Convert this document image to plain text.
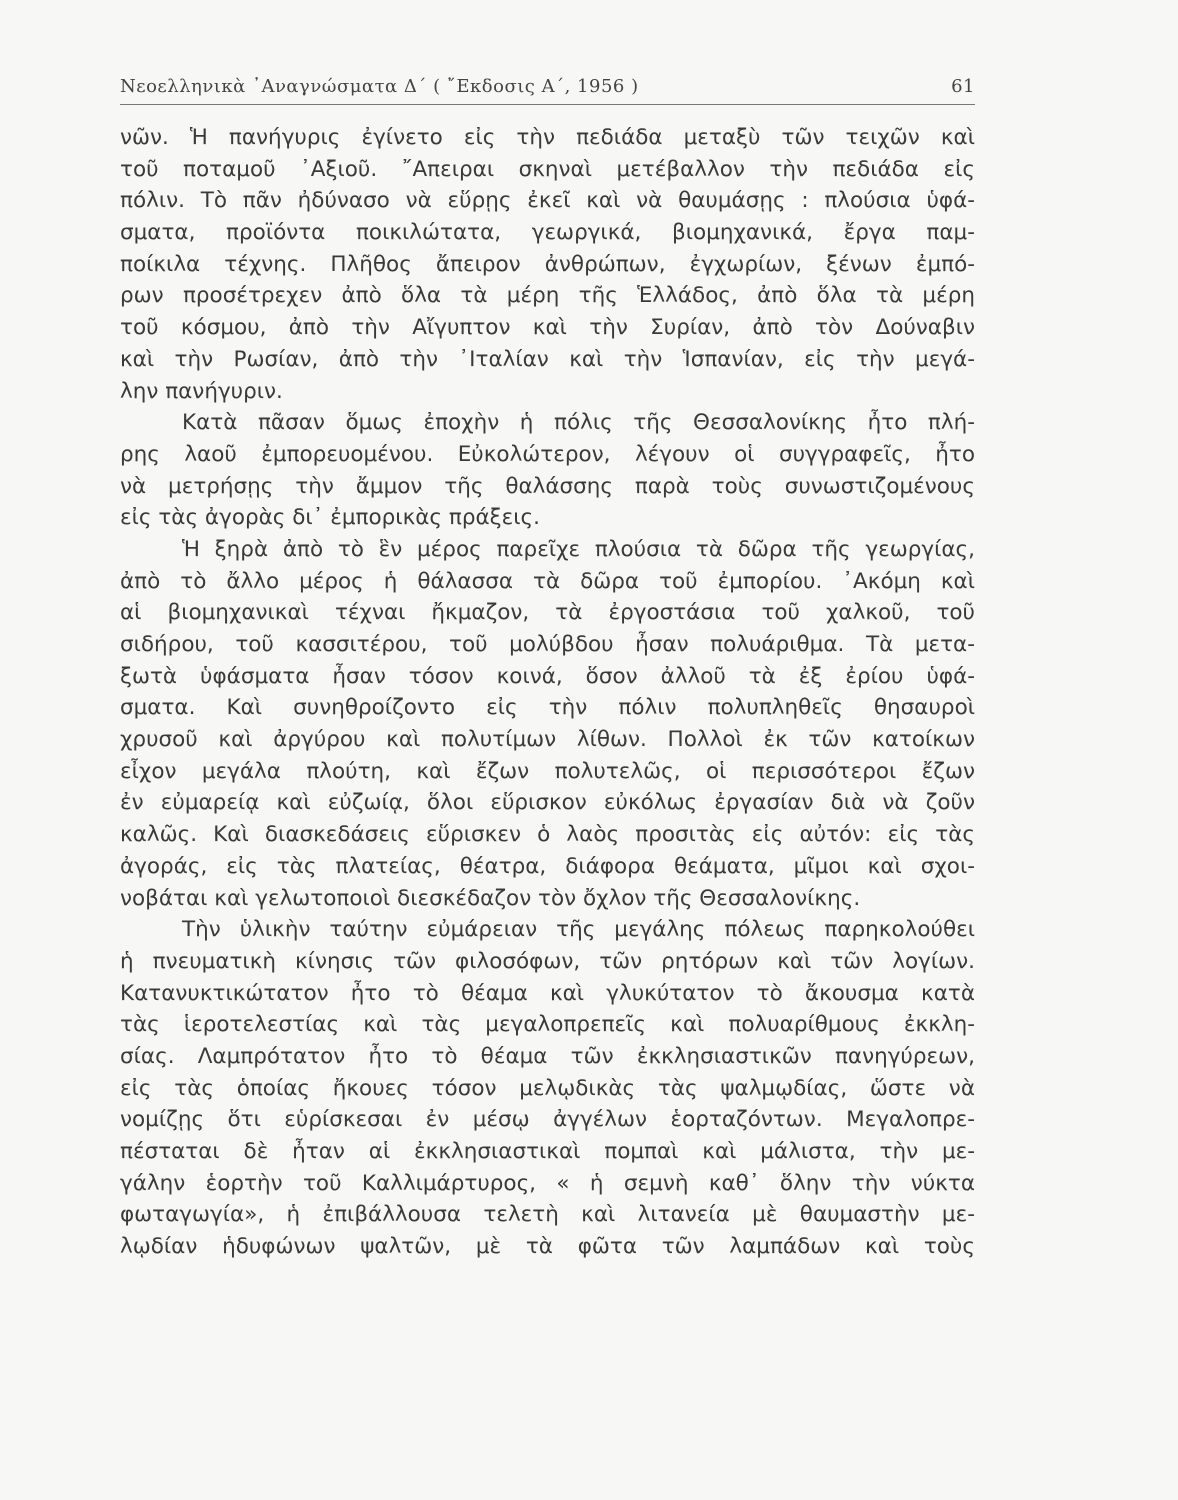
Νεοελληνικὰ ᾿Αναγνώσματα Δ΄ ( ῎Εκδοσις Α΄, 1956 )	61
νῶν. Ἡ πανήγυρις ἐγίνετο εἰς τὴν πεδιάδα μεταξὺ τῶν τειχῶν καὶ
τοῦ ποταμοῦ ᾿Αξιοῦ. ῎Απειραι σκηναὶ μετέβαλλον τὴν πεδιάδα εἰς
πόλιν. Τὸ πᾶν ἠδύνασο νὰ εὕρῃς ἐκεῖ καὶ νὰ θαυμάσῃς : πλούσια ὑφά-
σματα, προϊόντα ποικιλώτατα, γεωργικά, βιομηχανικά, ἔργα παμ-
ποίκιλα τέχνης. Πλῆθος ἄπειρον ἀνθρώπων, ἐγχωρίων, ξένων ἐμπό-
ρων προσέτρεχεν ἀπὸ ὅλα τὰ μέρη τῆς Ἑλλάδος, ἀπὸ ὅλα τὰ μέρη
τοῦ κόσμου, ἀπὸ τὴν Αἴγυπτον καὶ τὴν Συρίαν, ἀπὸ τὸν Δούναβιν
καὶ τὴν Ρωσίαν, ἀπὸ τὴν ᾿Ιταλίαν καὶ τὴν Ἱσπανίαν, εἰς τὴν μεγά-
λην πανήγυριν.
Κατὰ πᾶσαν ὅμως ἐποχὴν ἡ πόλις τῆς Θεσσαλονίκης ἦτο πλή-
ρης λαοῦ ἐμπορευομένου. Εὐκολώτερον, λέγουν οἱ συγγραφεῖς, ἦτο
νὰ μετρήσῃς τὴν ἄμμον τῆς θαλάσσης παρὰ τοὺς συνωστιζομένους
εἰς τὰς ἀγορὰς δι᾿ ἐμπορικὰς πράξεις.
Ἡ ξηρὰ ἀπὸ τὸ ἓν μέρος παρεῖχε πλούσια τὰ δῶρα τῆς γεωργίας,
ἀπὸ τὸ ἄλλο μέρος ἡ θάλασσα τὰ δῶρα τοῦ ἐμπορίου. ᾿Ακόμη καὶ
αἱ βιομηχανικαὶ τέχναι ἤκμαζον, τὰ ἐργοστάσια τοῦ χαλκοῦ, τοῦ
σιδήρου, τοῦ κασσιτέρου, τοῦ μολύβδου ἦσαν πολυάριθμα. Τὰ μετα-
ξωτὰ ὑφάσματα ἦσαν τόσον κοινά, ὅσον ἀλλοῦ τὰ ἐξ ἐρίου ὑφά-
σματα. Καὶ συνηθροίζοντο εἰς τὴν πόλιν πολυπληθεῖς θησαυροὶ
χρυσοῦ καὶ ἀργύρου καὶ πολυτίμων λίθων. Πολλοὶ ἐκ τῶν κατοίκων
εἶχον μεγάλα πλούτη, καὶ ἔζων πολυτελῶς, οἱ περισσότεροι ἔζων
ἐν εὐμαρείᾳ καὶ εὐζωίᾳ, ὅλοι εὕρισκον εὐκόλως ἐργασίαν διὰ νὰ ζοῦν
καλῶς. Καὶ διασκεδάσεις εὕρισκεν ὁ λαὸς προσιτὰς εἰς αὐτόν: εἰς τὰς
ἀγοράς, εἰς τὰς πλατείας, θέατρα, διάφορα θεάματα, μῖμοι καὶ σχοι-
νοβάται καὶ γελωτοποιοὶ διεσκέδαζον τὸν ὄχλον τῆς Θεσσαλονίκης.
Τὴν ὑλικὴν ταύτην εὐμάρειαν τῆς μεγάλης πόλεως παρηκολούθει
ἡ πνευματικὴ κίνησις τῶν φιλοσόφων, τῶν ρητόρων καὶ τῶν λογίων.
Κατανυκτικώτατον ἦτο τὸ θέαμα καὶ γλυκύτατον τὸ ἄκουσμα κατὰ
τὰς ἱεροτελεστίας καὶ τὰς μεγαλοπρεπεῖς καὶ πολυαρίθμους ἐκκλη-
σίας. Λαμπρότατον ἦτο τὸ θέαμα τῶν ἐκκλησιαστικῶν πανηγύρεων,
εἰς τὰς ὁποίας ἤκουες τόσον μελῳδικὰς τὰς ψαλμῳδίας, ὥστε νὰ
νομίζῃς ὅτι εὑρίσκεσαι ἐν μέσῳ ἀγγέλων ἑορταζόντων. Μεγαλοπρε-
πέσταται δὲ ἦταν αἱ ἐκκλησιαστικαὶ πομπαὶ καὶ μάλιστα, τὴν με-
γάλην ἑορτὴν τοῦ Καλλιμάρτυρος, « ἡ σεμνὴ καθ᾿ ὅλην τὴν νύκτα
φωταγωγία», ἡ ἐπιβάλλουσα τελετὴ καὶ λιτανεία μὲ θαυμαστὴν με-
λῳδίαν ἡδυφώνων ψαλτῶν, μὲ τὰ φῶτα τῶν λαμπάδων καὶ τοὺς
